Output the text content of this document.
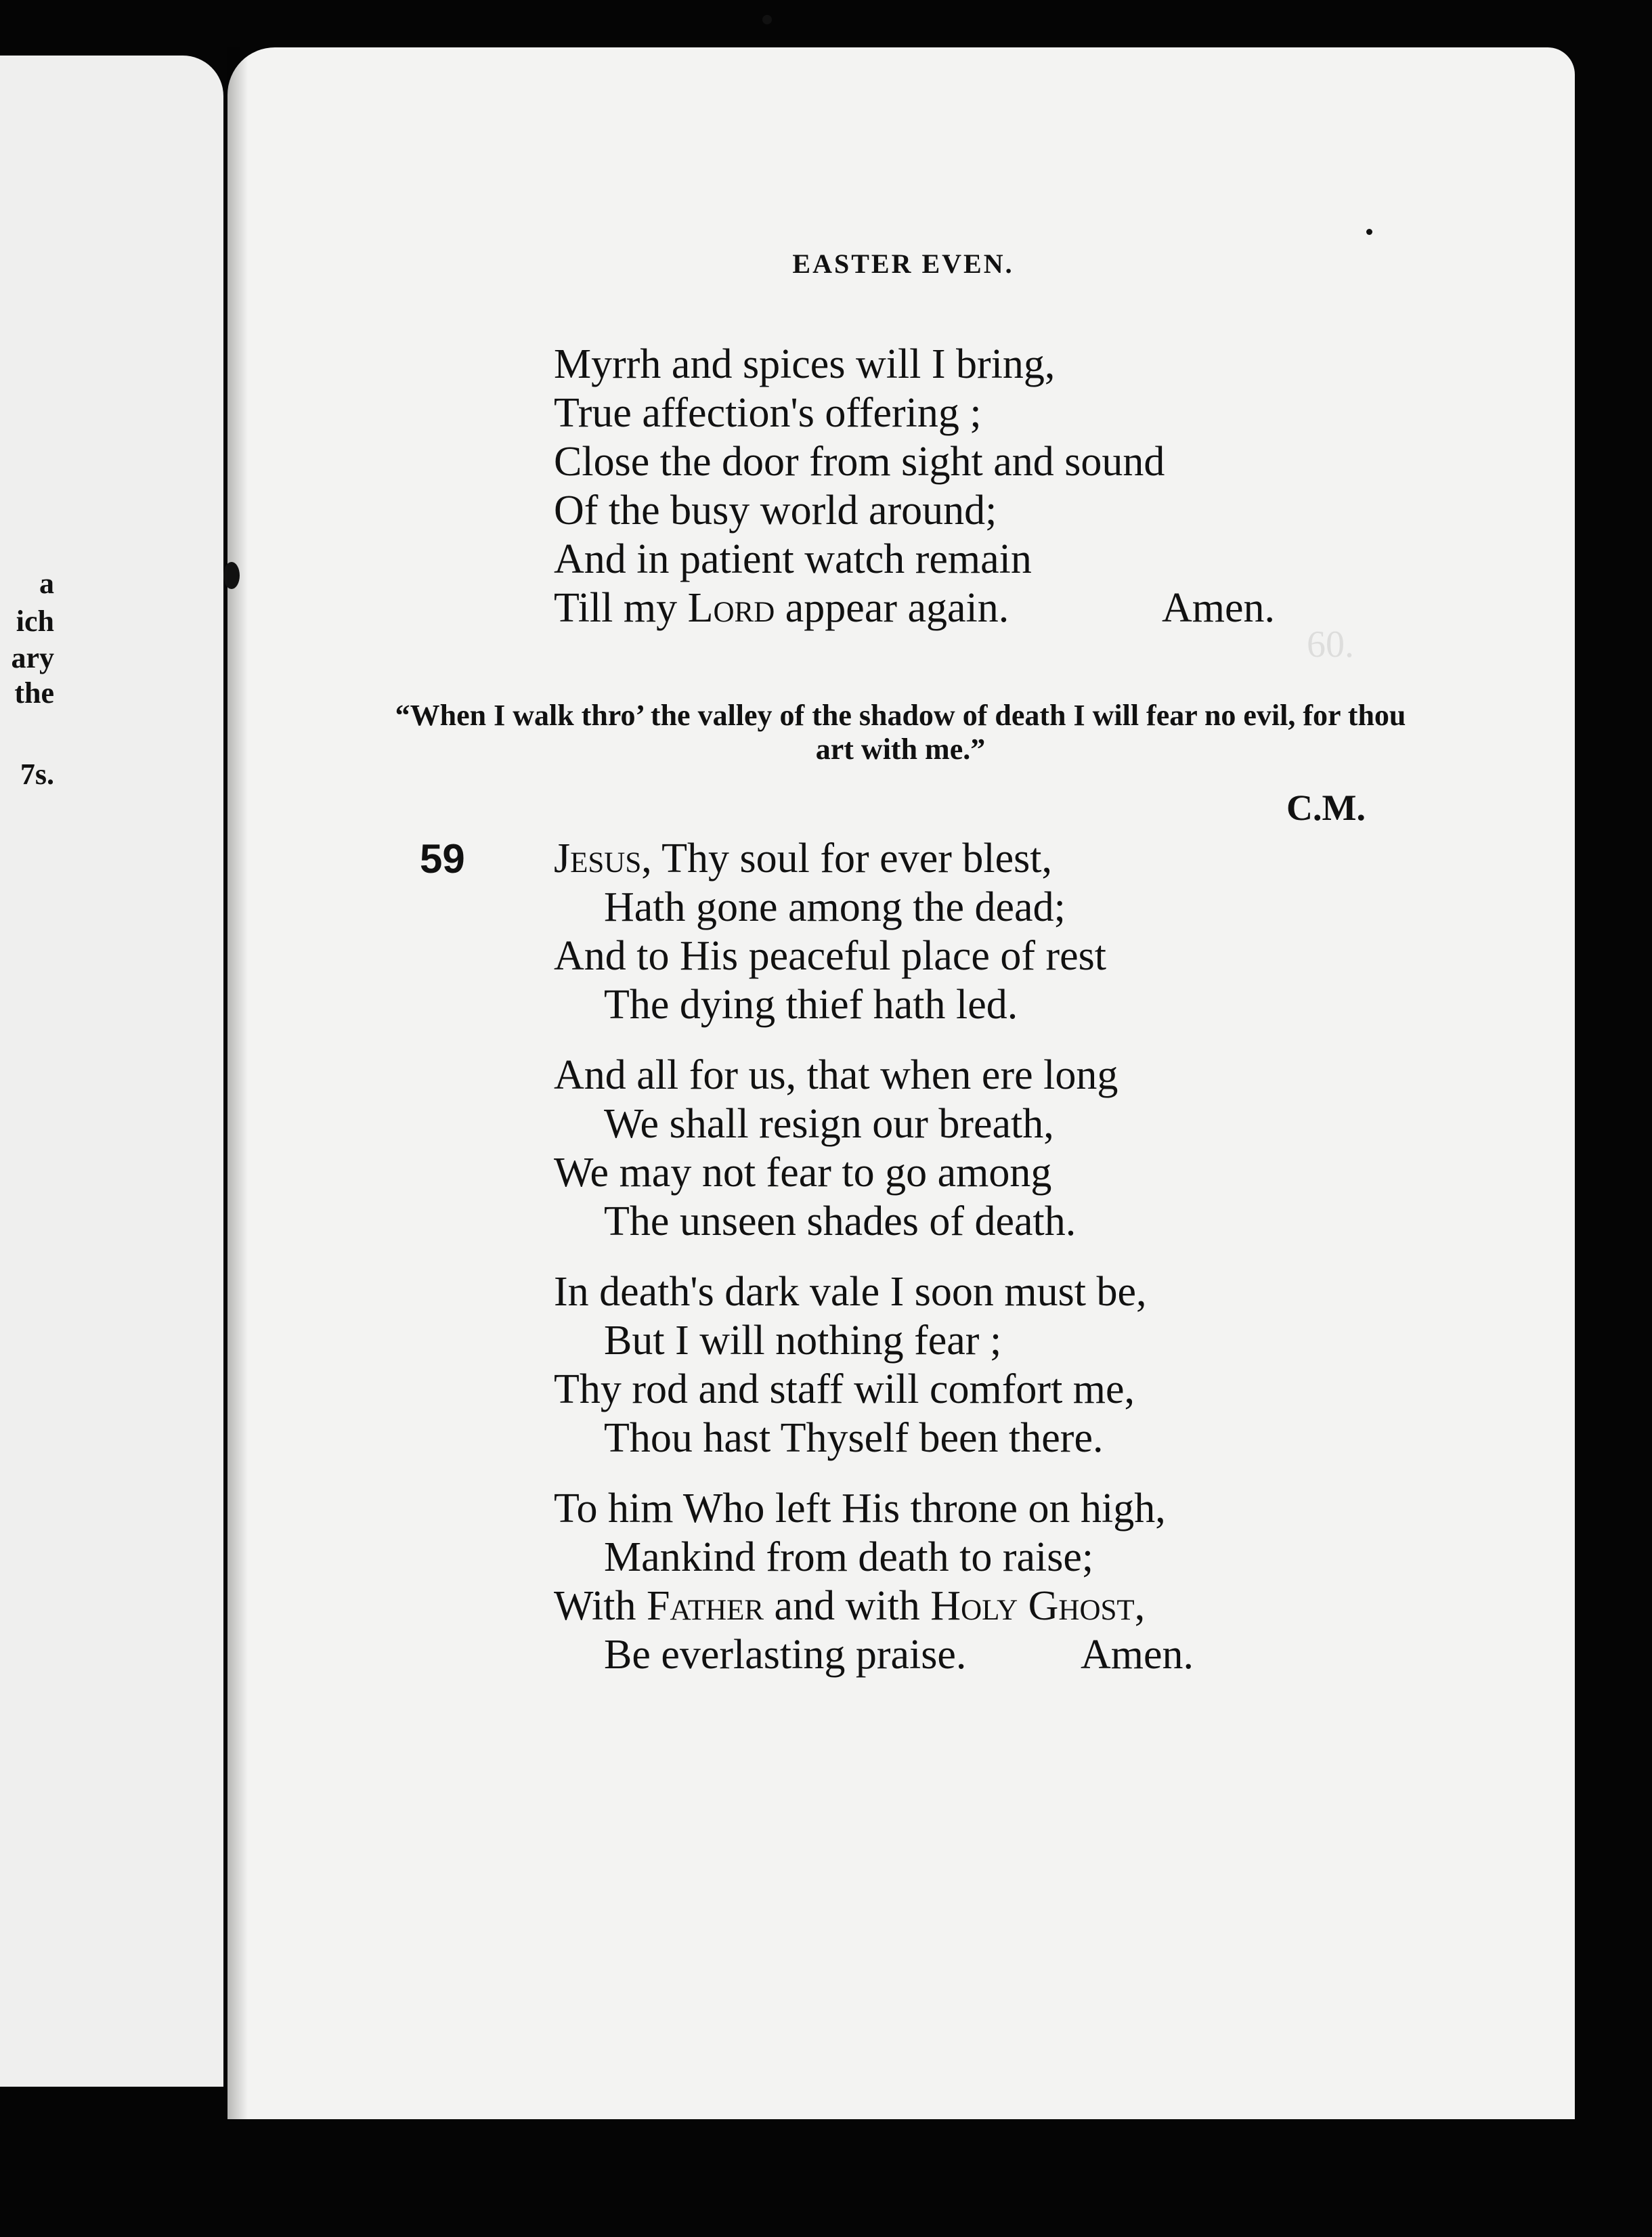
a
ich
ary
the
7s.
60.
EASTER EVEN.
Myrrh and spices will I bring,
True affection's offering ;
Close the door from sight and sound
Of the busy world around;
And in patient watch remain
Till my Lord appear again.	Amen.
“When I walk thro’ the valley of the shadow of death I will fear no evil, for thou art with me.”
C.M.
59 Jesus, Thy soul for ever blest,
Hath gone among the dead;
And to His peaceful place of rest
The dying thief hath led.
And all for us, that when ere long
We shall resign our breath,
We may not fear to go among
The unseen shades of death.
In death's dark vale I soon must be,
But I will nothing fear ;
Thy rod and staff will comfort me,
Thou hast Thyself been there.
To him Who left His throne on high,
Mankind from death to raise;
With Father and with Holy Ghost,
Be everlasting praise.	Amen.
